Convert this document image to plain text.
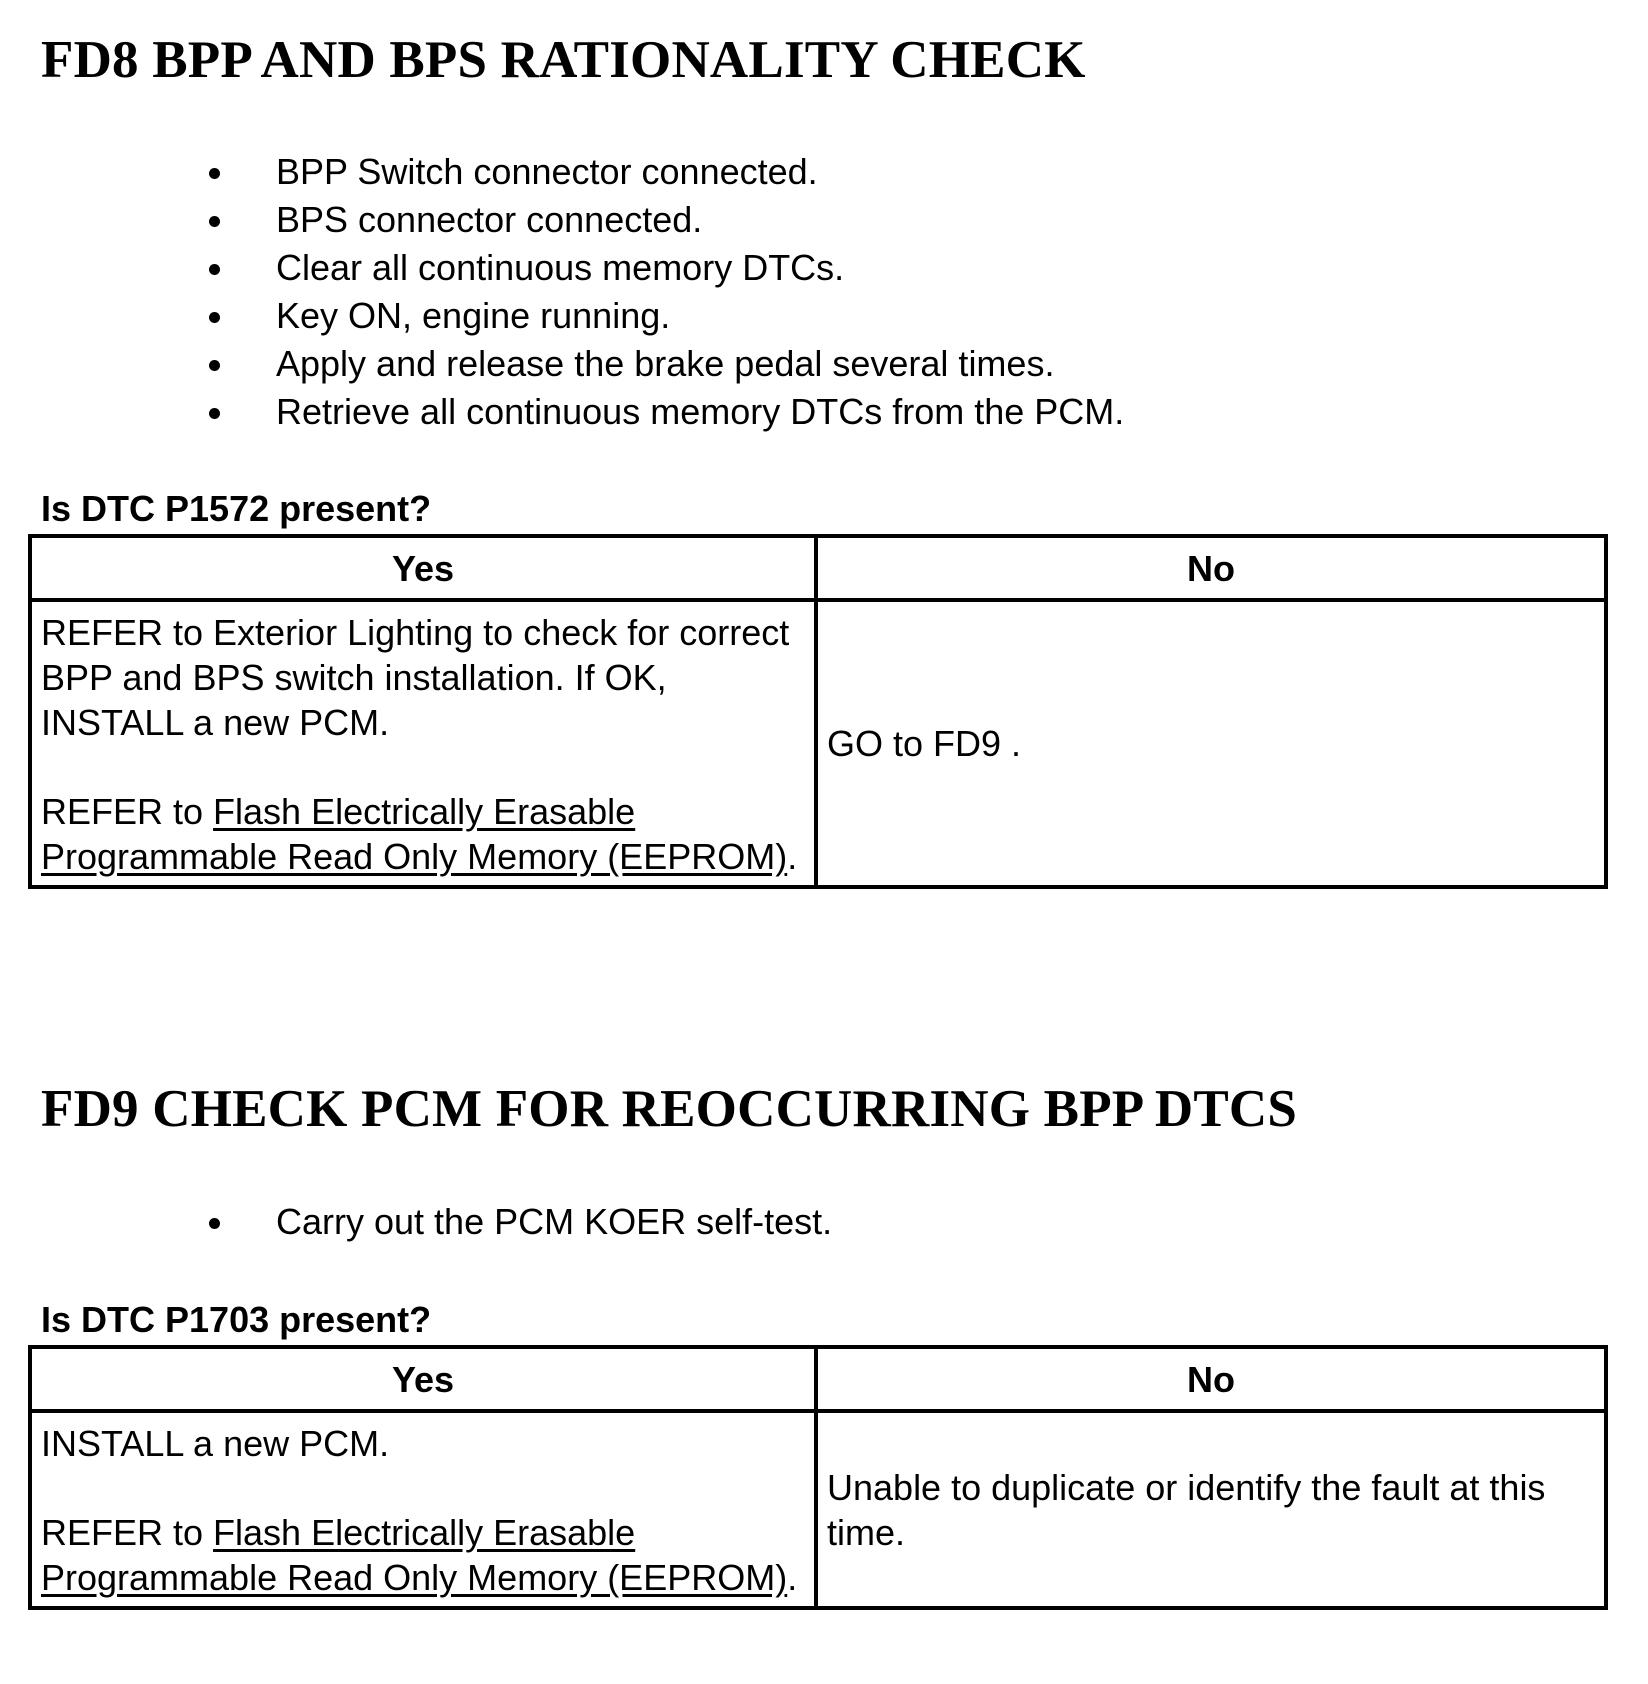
FD8 BPP AND BPS RATIONALITY CHECK
BPP Switch connector connected.
BPS connector connected.
Clear all continuous memory DTCs.
Key ON, engine running.
Apply and release the brake pedal several times.
Retrieve all continuous memory DTCs from the PCM.

Is DTC P1572 present?

Yes	No

REFER to Exterior Lighting to check for correct BPP and BPS switch installation. If OK, INSTALL a new PCM.

REFER to Flash Electrically Erasable Programmable Read Only Memory (EEPROM).	GO to FD9 .
FD9 CHECK PCM FOR REOCCURRING BPP DTCS
Carry out the PCM KOER self-test.

Is DTC P1703 present?

Yes	No

INSTALL a new PCM.

REFER to Flash Electrically Erasable Programmable Read Only Memory (EEPROM).	Unable to duplicate or identify the fault at this time.
